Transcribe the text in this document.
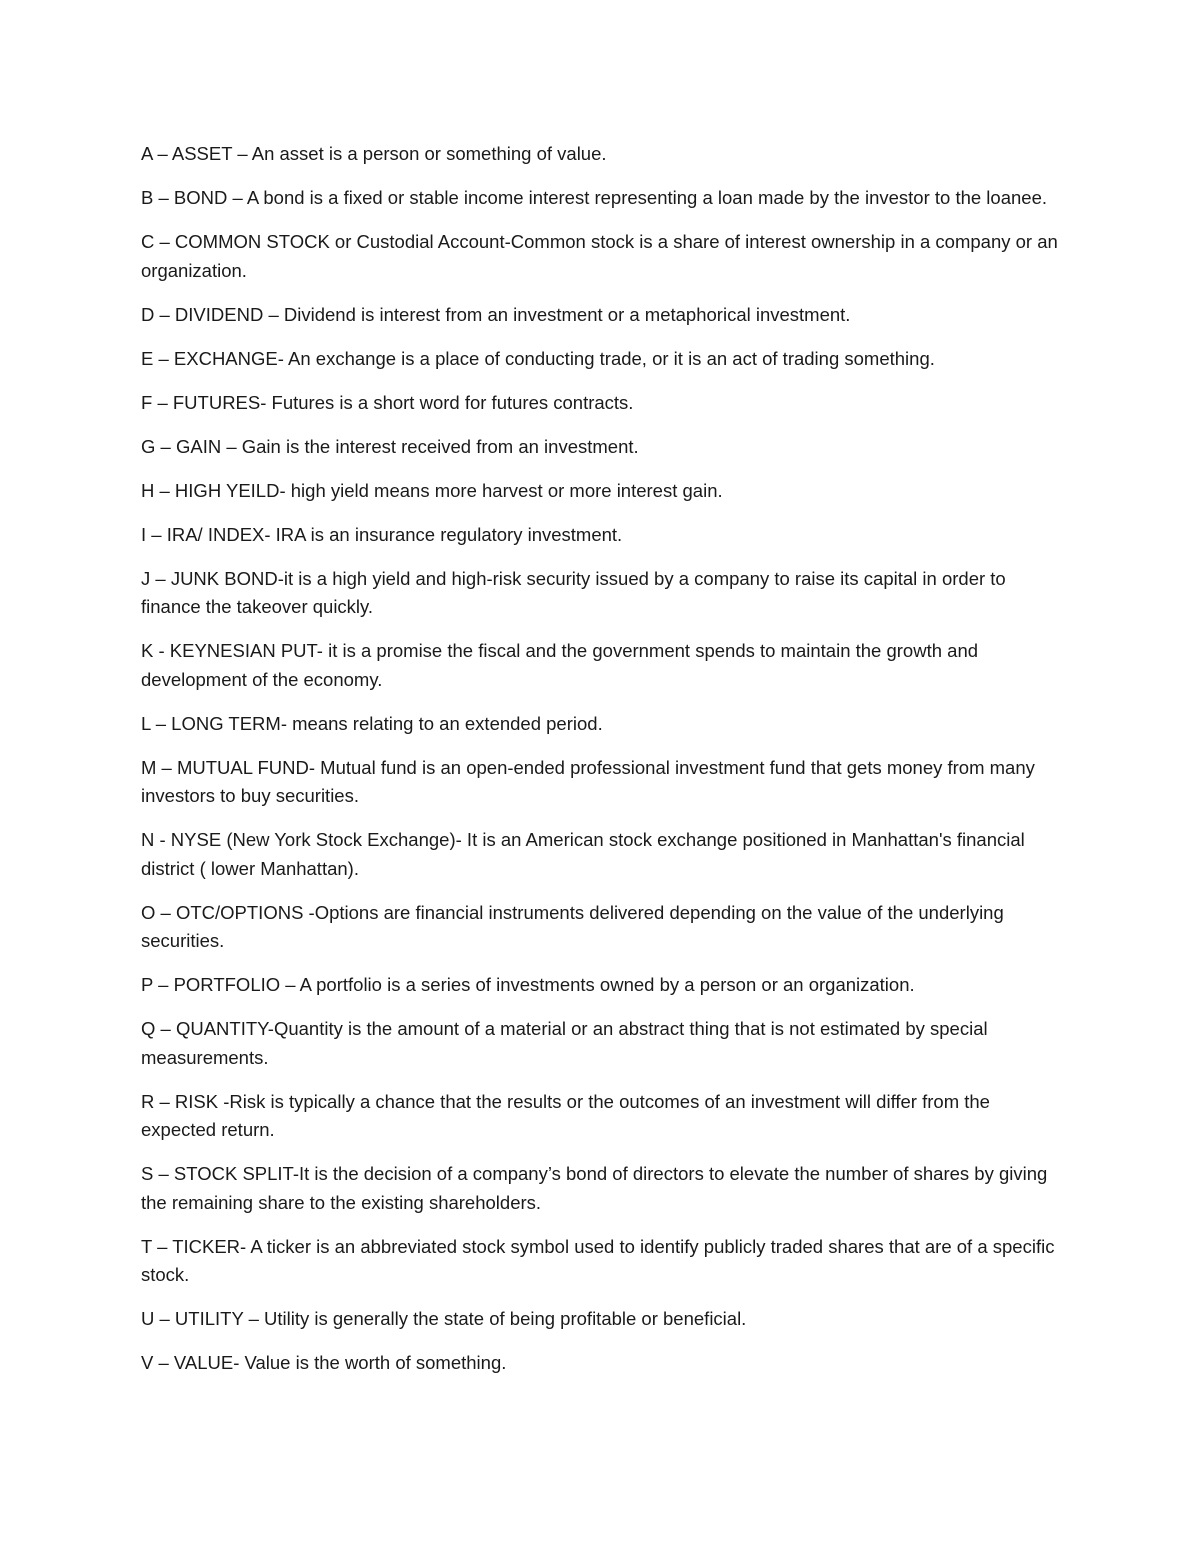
A – ASSET – An asset is a person or something of value.

B – BOND – A bond is a fixed or stable income interest representing a loan made by the investor to the loanee.

C – COMMON STOCK or Custodial Account-Common stock is a share of interest ownership in a company or an organization.

D – DIVIDEND – Dividend is interest from an investment or a metaphorical investment.

E – EXCHANGE- An exchange is a place of conducting trade, or it is an act of trading something.

F – FUTURES- Futures is a short word for futures contracts.

G – GAIN – Gain is the interest received from an investment.

H – HIGH YEILD- high yield means more harvest or more interest gain.

I – IRA/ INDEX- IRA is an insurance regulatory investment.

J – JUNK BOND-it is a high yield and high-risk security issued by a company to raise its capital in order to finance the takeover quickly.

K - KEYNESIAN PUT- it is a promise the fiscal and the government spends to maintain the growth and development of the economy.

L – LONG TERM- means relating to an extended period.

M – MUTUAL FUND- Mutual fund is an open-ended professional investment fund that gets money from many investors to buy securities.

N - NYSE (New York Stock Exchange)- It is an American stock exchange positioned in Manhattan's financial district ( lower Manhattan).

O – OTC/OPTIONS -Options are financial instruments delivered depending on the value of the underlying securities.

P – PORTFOLIO – A portfolio is a series of investments owned by a person or an organization.

Q – QUANTITY-Quantity is the amount of a material or an abstract thing that is not estimated by special measurements.

R – RISK -Risk is typically a chance that the results or the outcomes of an investment will differ from the expected return.

S – STOCK SPLIT-It is the decision of a company’s bond of directors to elevate the number of shares by giving the remaining share to the existing shareholders.

T – TICKER- A ticker is an abbreviated stock symbol used to identify publicly traded shares that are of a specific stock.

U – UTILITY – Utility is generally the state of being profitable or beneficial.

V – VALUE- Value is the worth of something.
